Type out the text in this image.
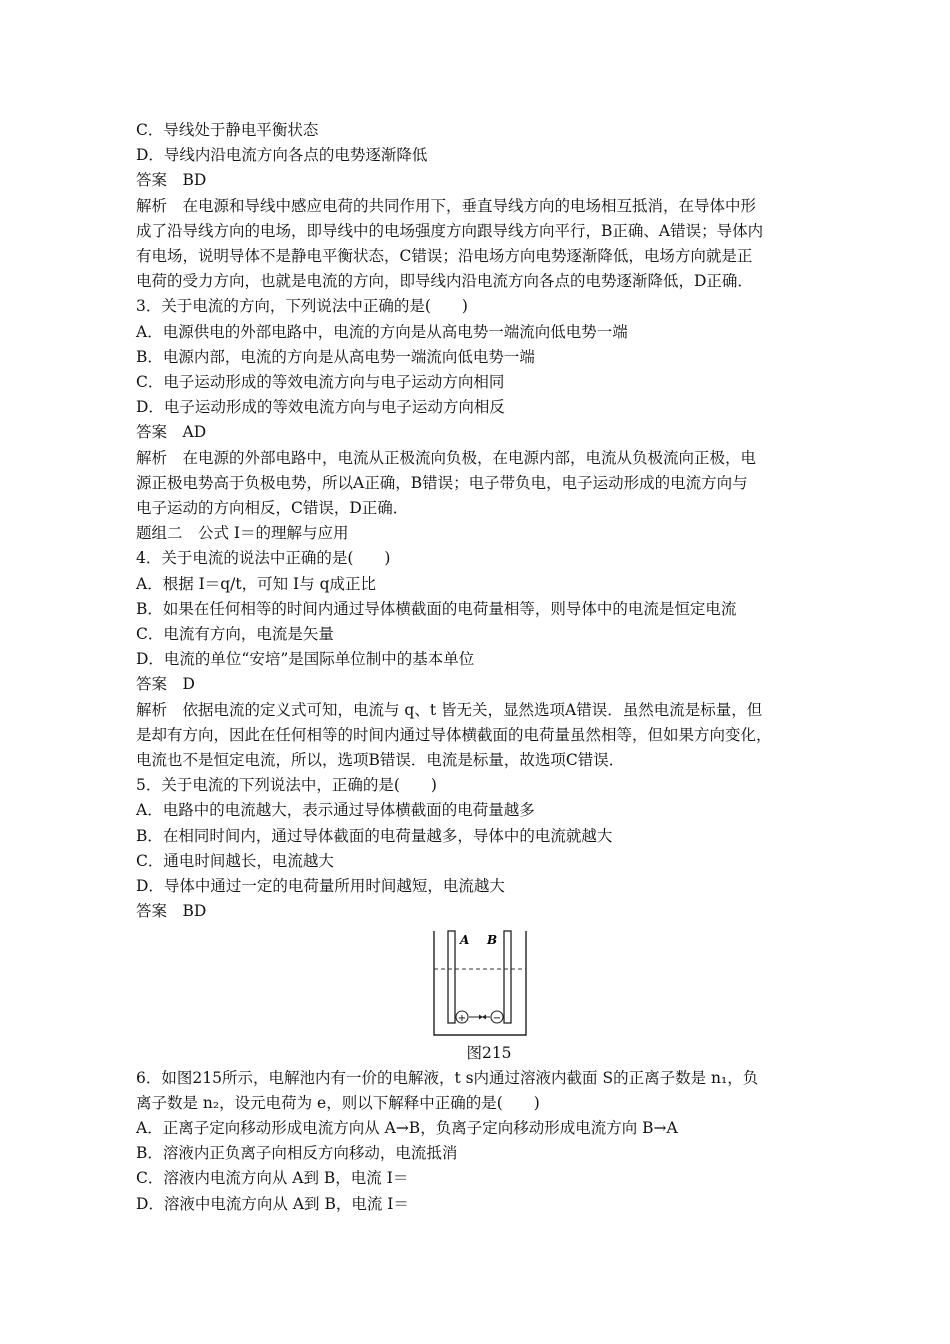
C．导线处于静电平衡状态
D．导线内沿电流方向各点的电势逐渐降低
答案　BD
解析　在电源和导线中感应电荷的共同作用下，垂直导线方向的电场相互抵消，在导体中形
成了沿导线方向的电场，即导线中的电场强度方向跟导线方向平行，B正确、A错误；导体内
有电场，说明导体不是静电平衡状态，C错误；沿电场方向电势逐渐降低，电场方向就是正
电荷的受力方向，也就是电流的方向，即导线内沿电流方向各点的电势逐渐降低，D正确．
3．关于电流的方向，下列说法中正确的是(　　)
A．电源供电的外部电路中，电流的方向是从高电势一端流向低电势一端
B．电源内部，电流的方向是从高电势一端流向低电势一端
C．电子运动形成的等效电流方向与电子运动方向相同
D．电子运动形成的等效电流方向与电子运动方向相反
答案　AD
解析　在电源的外部电路中，电流从正极流向负极，在电源内部，电流从负极流向正极，电
源正极电势高于负极电势，所以A正确，B错误；电子带负电，电子运动形成的电流方向与
电子运动的方向相反，C错误，D正确．
题组二　公式 I＝的理解与应用
4．关于电流的说法中正确的是(　　)
A．根据 I＝q/t，可知 I与 q成正比
B．如果在任何相等的时间内通过导体横截面的电荷量相等，则导体中的电流是恒定电流
C．电流有方向，电流是矢量
D．电流的单位“安培”是国际单位制中的基本单位
答案　D
解析　依据电流的定义式可知，电流与 q、t 皆无关，显然选项A错误．虽然电流是标量，但
是却有方向，因此在任何相等的时间内通过导体横截面的电荷量虽然相等，但如果方向变化，
电流也不是恒定电流，所以，选项B错误．电流是标量，故选项C错误．
5．关于电流的下列说法中，正确的是(　　)
A．电路中的电流越大，表示通过导体横截面的电荷量越多
B．在相同时间内，通过导体截面的电荷量越多，导体中的电流就越大
C．通电时间越长，电流越大
D．导体中通过一定的电荷量所用时间越短，电流越大
答案　BD
A B
+	−
图215
6．如图215所示，电解池内有一价的电解液，t s内通过溶液内截面 S的正离子数是 n₁，负
离子数是 n₂，设元电荷为 e，则以下解释中正确的是(　　)
A．正离子定向移动形成电流方向从 A→B，负离子定向移动形成电流方向 B→A
B．溶液内正负离子向相反方向移动，电流抵消
C．溶液内电流方向从 A到 B，电流 I＝
D．溶液中电流方向从 A到 B，电流 I＝
